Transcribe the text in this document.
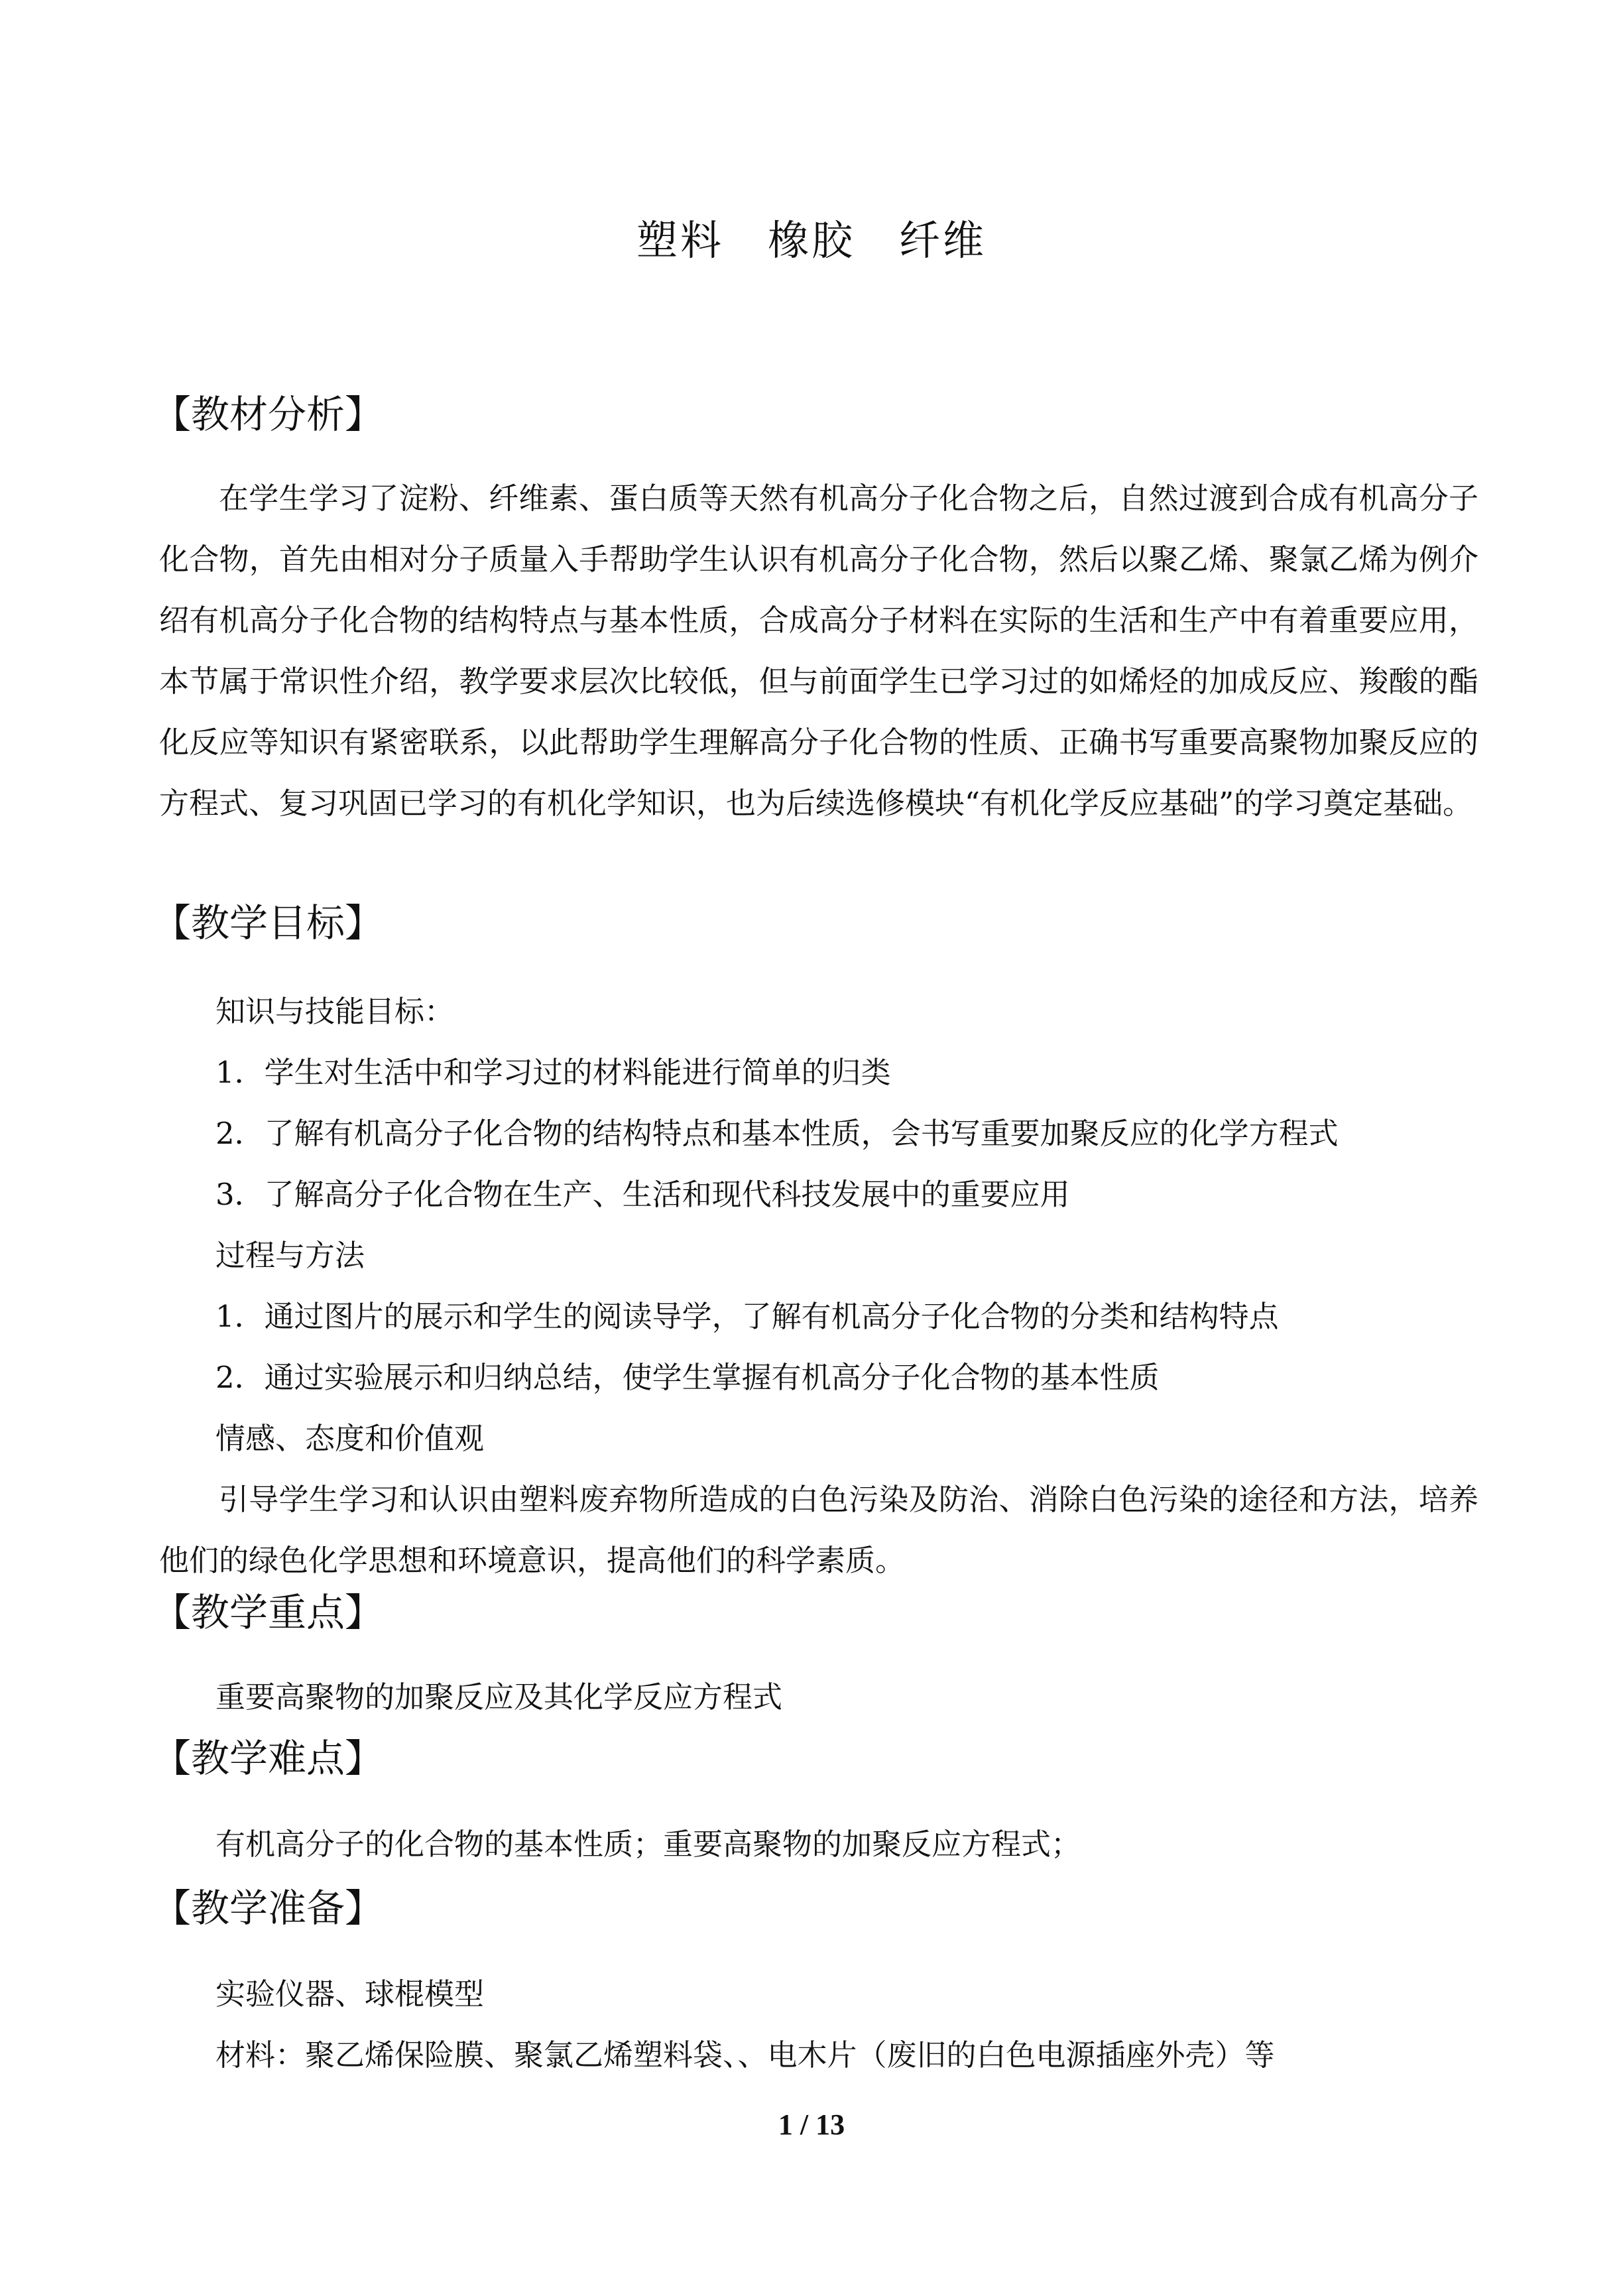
塑料　橡胶　纤维
【教材分析】
在学生学习了淀粉、纤维素、蛋白质等天然有机高分子化合物之后，自然过渡到合成有机高分子化合物，首先由相对分子质量入手帮助学生认识有机高分子化合物，然后以聚乙烯、聚氯乙烯为例介绍有机高分子化合物的结构特点与基本性质，合成高分子材料在实际的生活和生产中有着重要应用，本节属于常识性介绍，教学要求层次比较低，但与前面学生已学习过的如烯烃的加成反应、羧酸的酯化反应等知识有紧密联系，以此帮助学生理解高分子化合物的性质、正确书写重要高聚物加聚反应的方程式、复习巩固已学习的有机化学知识，也为后续选修模块“有机化学反应基础”的学习奠定基础。
【教学目标】
知识与技能目标：
1．学生对生活中和学习过的材料能进行简单的归类
2．了解有机高分子化合物的结构特点和基本性质，会书写重要加聚反应的化学方程式
3．了解高分子化合物在生产、生活和现代科技发展中的重要应用
过程与方法
1．通过图片的展示和学生的阅读导学，了解有机高分子化合物的分类和结构特点
2．通过实验展示和归纳总结，使学生掌握有机高分子化合物的基本性质
情感、态度和价值观
引导学生学习和认识由塑料废弃物所造成的白色污染及防治、消除白色污染的途径和方法，培养他们的绿色化学思想和环境意识，提高他们的科学素质。
【教学重点】
重要高聚物的加聚反应及其化学反应方程式
【教学难点】
有机高分子的化合物的基本性质；重要高聚物的加聚反应方程式；
【教学准备】
实验仪器、球棍模型
材料：聚乙烯保险膜、聚氯乙烯塑料袋、、电木片（废旧的白色电源插座外壳）等
1 / 13
